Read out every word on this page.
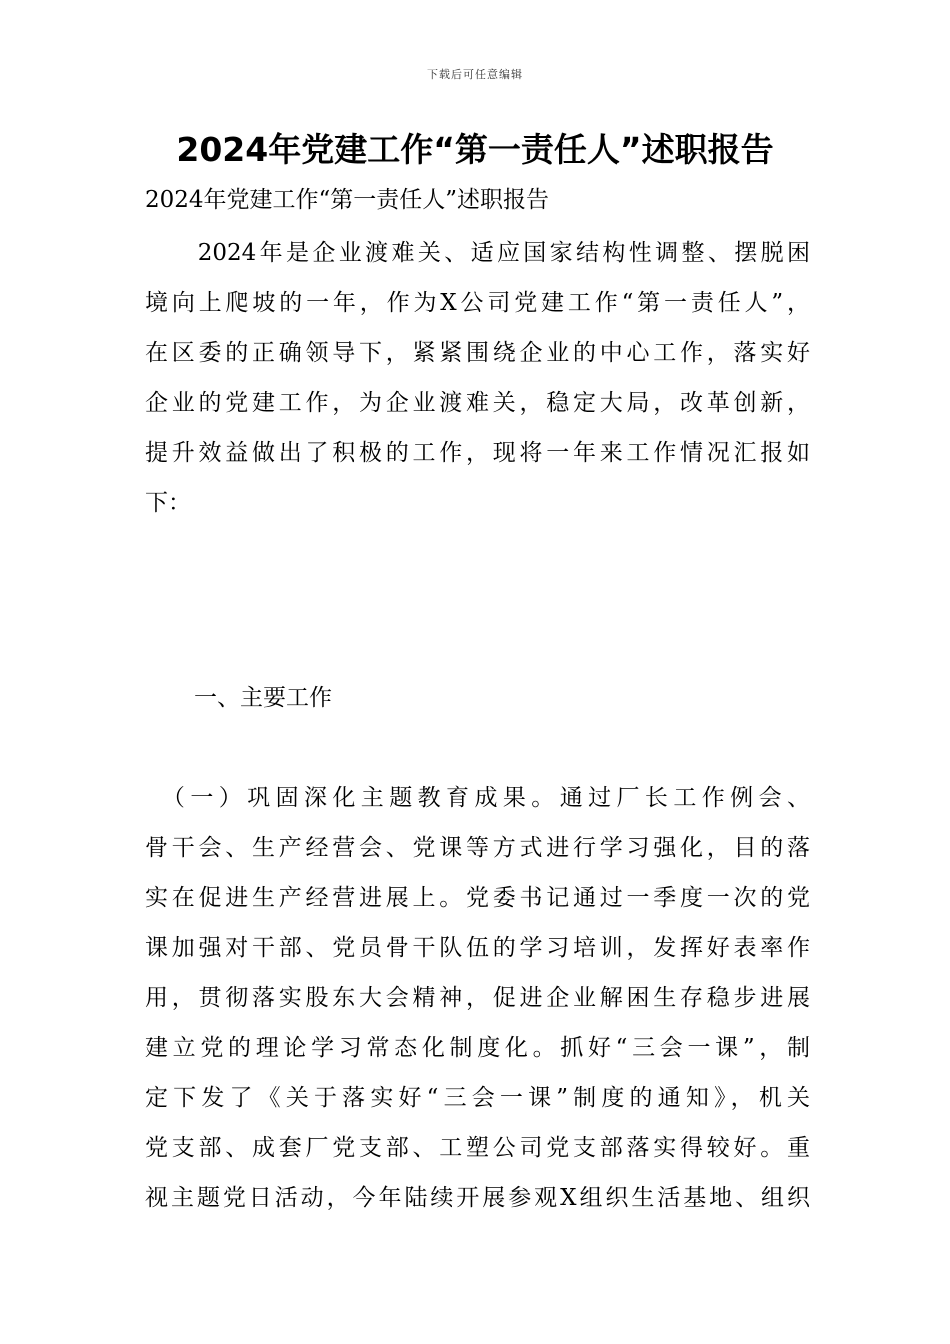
下载后可任意编辑
2024年党建工作“第一责任人”述职报告
2024年党建工作“第一责任人”述职报告
　　2024年是企业渡难关、适应国家结构性调整、摆脱困
境向上爬坡的一年，作为X公司党建工作“第一责任人”，
在区委的正确领导下，紧紧围绕企业的中心工作，落实好
企业的党建工作，为企业渡难关，稳定大局，改革创新，
提升效益做出了积极的工作，现将一年来工作情况汇报如
下：
一、主要工作
　（一）巩固深化主题教育成果。通过厂长工作例会、
骨干会、生产经营会、党课等方式进行学习强化，目的落
实在促进生产经营进展上。党委书记通过一季度一次的党
课加强对干部、党员骨干队伍的学习培训，发挥好表率作
用，贯彻落实股东大会精神，促进企业解困生存稳步进展
建立党的理论学习常态化制度化。抓好“三会一课”，制
定下发了《关于落实好“三会一课”制度的通知》，机关
党支部、成套厂党支部、工塑公司党支部落实得较好。重
视主题党日活动，今年陆续开展参观X组织生活基地、组织
